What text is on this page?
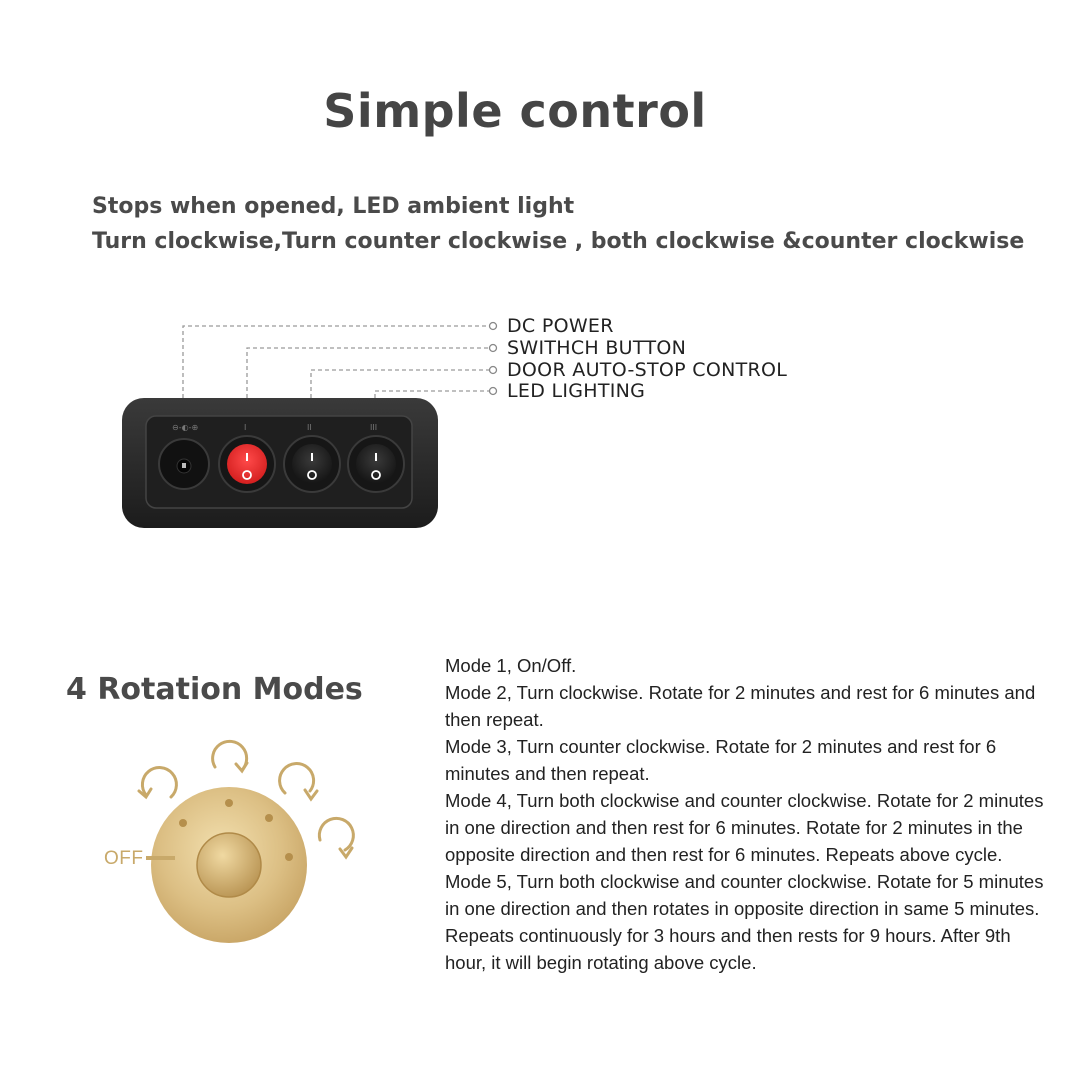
Simple control
Stops when opened, LED ambient light
Turn clockwise,Turn counter clockwise , both clockwise &counter clockwise
⊖-◐-⊕	I	II	III
DC POWER
SWITHCH BUTTON
DOOR AUTO-STOP CONTROL
LED LIGHTING
4 Rotation Modes
OFF

Mode 1, On/Off.

Mode 2, Turn clockwise. Rotate for 2 minutes and rest for 6 minutes and then repeat.

Mode 3, Turn counter clockwise. Rotate for 2 minutes and rest for 6 minutes and then repeat.

Mode 4, Turn both clockwise and counter clockwise. Rotate for 2 minutes in one direction and then rest for 6 minutes. Rotate for 2 minutes in the opposite direction and then rest for 6 minutes. Repeats above cycle.

Mode 5, Turn both clockwise and counter clockwise. Rotate for 5 minutes in one direction and then rotates in opposite direction in same 5 minutes. Repeats continuously for 3 hours and then rests for 9 hours. After 9th hour, it will begin rotating above cycle.
